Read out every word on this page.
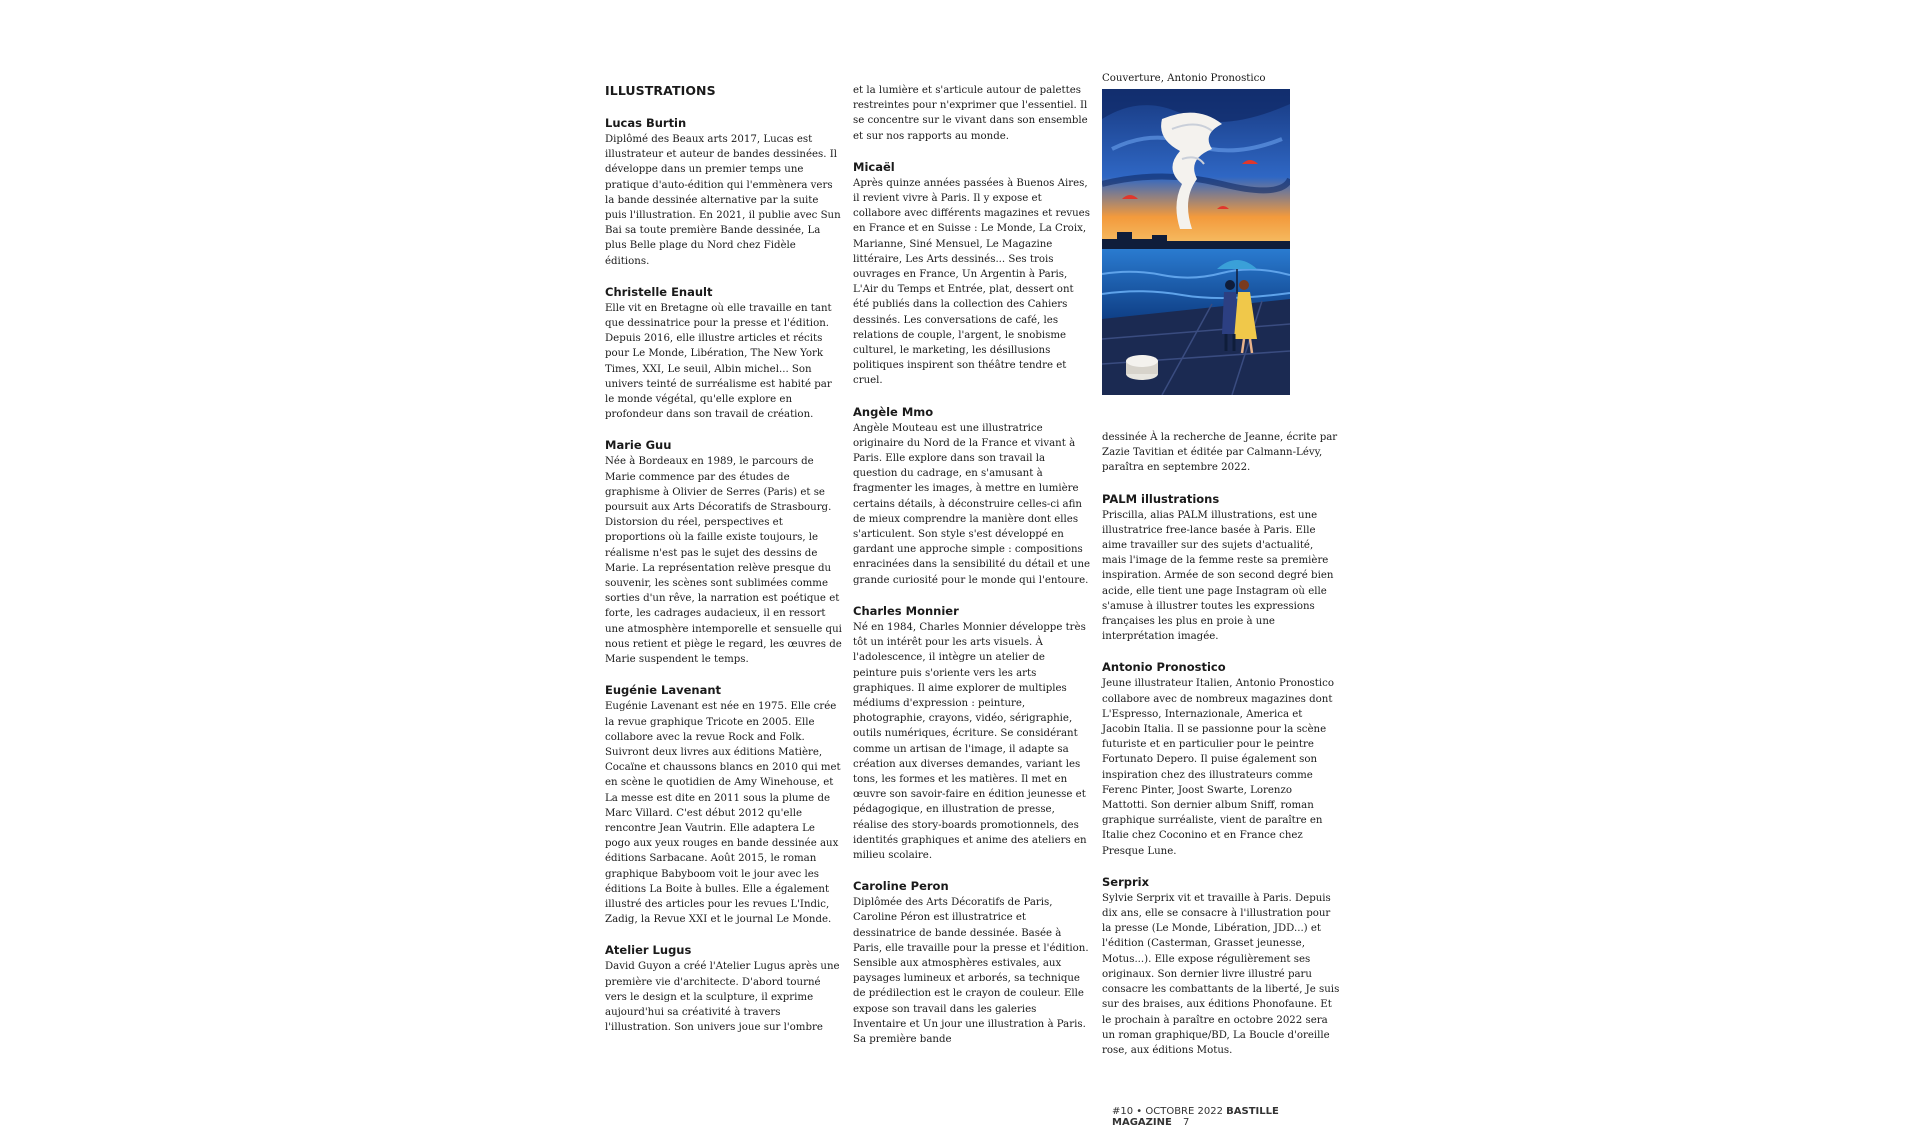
ILLUSTRATIONS
Lucas Burtin

Diplômé des Beaux arts 2017, Lucas est illustrateur et auteur de bandes dessinées. Il développe dans un premier temps une pratique d'auto-édition qui l'emmènera vers la bande dessinée alternative par la suite puis l'illustration. En 2021, il publie avec Sun Bai sa toute première Bande dessinée, La plus Belle plage du Nord chez Fidèle éditions.

Christelle Enault

Elle vit en Bretagne où elle travaille en tant que dessinatrice pour la presse et l'édition. Depuis 2016, elle illustre articles et récits pour Le Monde, Libération, The New York Times, XXI, Le seuil, Albin michel... Son univers teinté de surréalisme est habité par le monde végétal, qu'elle explore en profondeur dans son travail de création.

Marie Guu

Née à Bordeaux en 1989, le parcours de Marie commence par des études de graphisme à Olivier de Serres (Paris) et se poursuit aux Arts Décoratifs de Strasbourg. Distorsion du réel, perspectives et proportions où la faille existe toujours, le réalisme n'est pas le sujet des dessins de Marie. La représentation relève presque du souvenir, les scènes sont sublimées comme sorties d'un rêve, la narration est poétique et forte, les cadrages audacieux, il en ressort une atmosphère intemporelle et sensuelle qui nous retient et piège le regard, les œuvres de Marie suspendent le temps.

Eugénie Lavenant

Eugénie Lavenant est née en 1975. Elle crée la revue graphique Tricote en 2005. Elle collabore avec la revue Rock and Folk. Suivront deux livres aux éditions Matière, Cocaïne et chaussons blancs en 2010 qui met en scène le quotidien de Amy Winehouse, et La messe est dite en 2011 sous la plume de Marc Villard. C'est début 2012 qu'elle rencontre Jean Vautrin. Elle adaptera Le pogo aux yeux rouges en bande dessinée aux éditions Sarbacane. Août 2015, le roman graphique Babyboom voit le jour avec les éditions La Boite à bulles. Elle a également illustré des articles pour les revues L'Indic, Zadig, la Revue XXI et le journal Le Monde.

Atelier Lugus

David Guyon a créé l'Atelier Lugus après une première vie d'architecte. D'abord tourné vers le design et la sculpture, il exprime aujourd'hui sa créativité à travers l'illustration. Son univers joue sur l'ombre

et la lumière et s'articule autour de palettes restreintes pour n'exprimer que l'essentiel. Il se concentre sur le vivant dans son ensemble et sur nos rapports au monde.

Micaël

Après quinze années passées à Buenos Aires, il revient vivre à Paris. Il y expose et collabore avec différents magazines et revues en France et en Suisse : Le Monde, La Croix, Marianne, Siné Mensuel, Le Magazine littéraire, Les Arts dessinés... Ses trois ouvrages en France, Un Argentin à Paris, L'Air du Temps et Entrée, plat, dessert ont été publiés dans la collection des Cahiers dessinés. Les conversations de café, les relations de couple, l'argent, le snobisme culturel, le marketing, les désillusions politiques inspirent son théâtre tendre et cruel.

Angèle Mmo

Angèle Mouteau est une illustratrice originaire du Nord de la France et vivant à Paris. Elle explore dans son travail la question du cadrage, en s'amusant à fragmenter les images, à mettre en lumière certains détails, à déconstruire celles-ci afin de mieux comprendre la manière dont elles s'articulent. Son style s'est développé en gardant une approche simple : compositions enracinées dans la sensibilité du détail et une grande curiosité pour le monde qui l'entoure.

Charles Monnier

Né en 1984, Charles Monnier développe très tôt un intérêt pour les arts visuels. À l'adolescence, il intègre un atelier de peinture puis s'oriente vers les arts graphiques. Il aime explorer de multiples médiums d'expression : peinture, photographie, crayons, vidéo, sérigraphie, outils numériques, écriture. Se considérant comme un artisan de l'image, il adapte sa création aux diverses demandes, variant les tons, les formes et les matières. Il met en œuvre son savoir-faire en édition jeunesse et pédagogique, en illustration de presse, réalise des story-boards promotionnels, des identités graphiques et anime des ateliers en milieu scolaire.

Caroline Peron

Diplômée des Arts Décoratifs de Paris, Caroline Péron est illustratrice et dessinatrice de bande dessinée. Basée à Paris, elle travaille pour la presse et l'édition. Sensible aux atmosphères estivales, aux paysages lumineux et arborés, sa technique de prédilection est le crayon de couleur. Elle expose son travail dans les galeries Inventaire et Un jour une illustration à Paris. Sa première bande

Couverture, Antonio Pronostico

dessinée À la recherche de Jeanne, écrite par Zazie Tavitian et éditée par Calmann-Lévy, paraîtra en septembre 2022.

PALM illustrations

Priscilla, alias PALM illustrations, est une illustratrice free-lance basée à Paris. Elle aime travailler sur des sujets d'actualité, mais l'image de la femme reste sa première inspiration. Armée de son second degré bien acide, elle tient une page Instagram où elle s'amuse à illustrer toutes les expressions françaises les plus en proie à une interprétation imagée.

Antonio Pronostico

Jeune illustrateur Italien, Antonio Pronostico collabore avec de nombreux magazines dont L'Espresso, Internazionale, America et Jacobin Italia. Il se passionne pour la scène futuriste et en particulier pour le peintre Fortunato Depero. Il puise également son inspiration chez des illustrateurs comme Ferenc Pinter, Joost Swarte, Lorenzo Mattotti. Son dernier album Sniff, roman graphique surréaliste, vient de paraître en Italie chez Coconino et en France chez Presque Lune.

Serprix

Sylvie Serprix vit et travaille à Paris. Depuis dix ans, elle se consacre à l'illustration pour la presse (Le Monde, Libération, JDD...) et l'édition (Casterman, Grasset jeunesse, Motus...). Elle expose régulièrement ses originaux. Son dernier livre illustré paru consacre les combattants de la liberté, Je suis sur des braises, aux éditions Phonofaune. Et le prochain à paraître en octobre 2022 sera un roman graphique/BD, La Boucle d'oreille rose, aux éditions Motus.

#10 • OCTOBRE 2022 BASTILLE MAGAZINE 7
